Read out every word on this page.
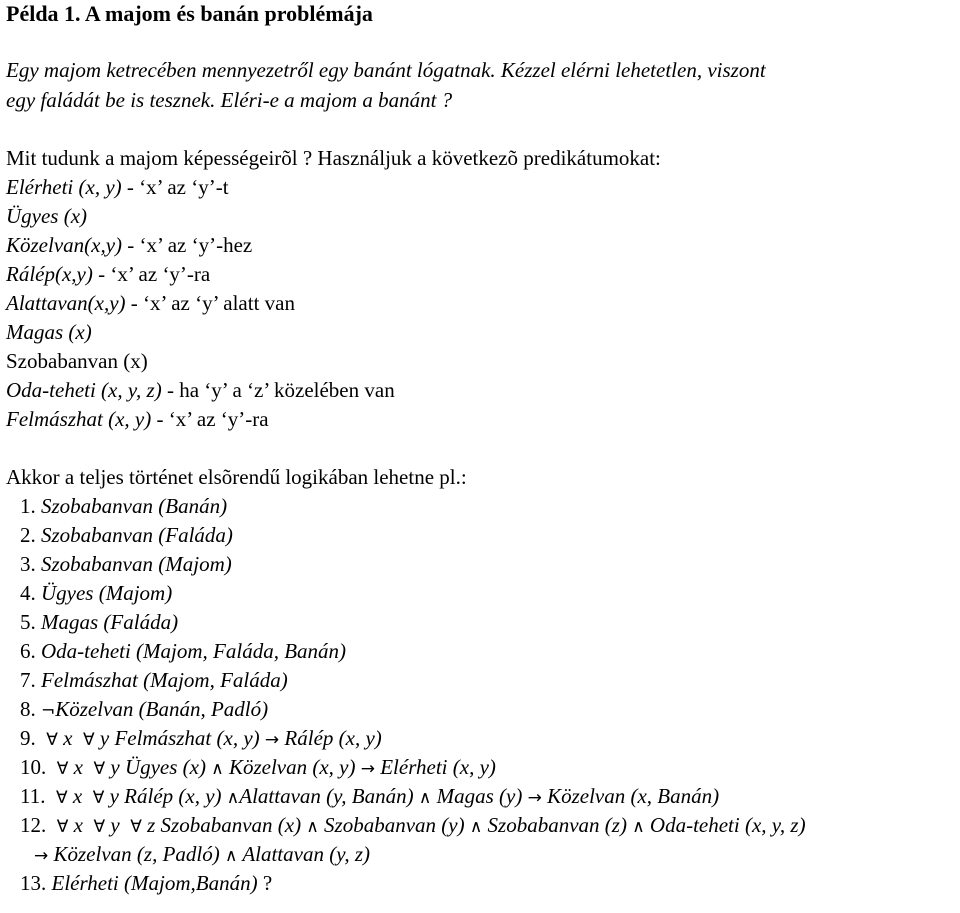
Példa 1. A majom és banán problémája
Egy majom ketrecében mennyezetről egy banánt lógatnak. Kézzel elérni lehetetlen, viszont
egy faládát be is tesznek. Eléri-e a majom a banánt ?
Mit tudunk a majom képességeirõl ? Használjuk a következõ predikátumokat:
Elérheti (x, y) - ‘x’ az ‘y’-t
Ügyes (x)
Közelvan(x,y) - ‘x’ az ‘y’-hez
Rálép(x,y) - ‘x’ az ‘y’-ra
Alattavan(x,y) - ‘x’ az ‘y’ alatt van
Magas (x)
Szobabanvan (x)
Oda-teheti (x, y, z) - ha ‘y’ a ‘z’ közelében van
Felmászhat (x, y) - ‘x’ az ‘y’-ra
Akkor a teljes történet elsõrendű logikában lehetne pl.:
1. Szobabanvan (Banán)
2. Szobabanvan (Faláda)
3. Szobabanvan (Majom)
4. Ügyes (Majom)
5. Magas (Faláda)
6. Oda-teheti (Majom, Faláda, Banán)
7. Felmászhat (Majom, Faláda)
8. ¬Közelvan (Banán, Padló)
9. ∀ x ∀ y Felmászhat (x, y) → Rálép (x, y)
10. ∀ x ∀ y Ügyes (x) ∧ Közelvan (x, y) → Elérheti (x, y)
11. ∀ x ∀ y Rálép (x, y) ∧Alattavan (y, Banán) ∧ Magas (y) → Közelvan (x, Banán)
12. ∀ x ∀ y ∀ z Szobabanvan (x) ∧ Szobabanvan (y) ∧ Szobabanvan (z) ∧ Oda-teheti (x, y, z)
→ Közelvan (z, Padló) ∧ Alattavan (y, z)
13. Elérheti (Majom,Banán) ?
